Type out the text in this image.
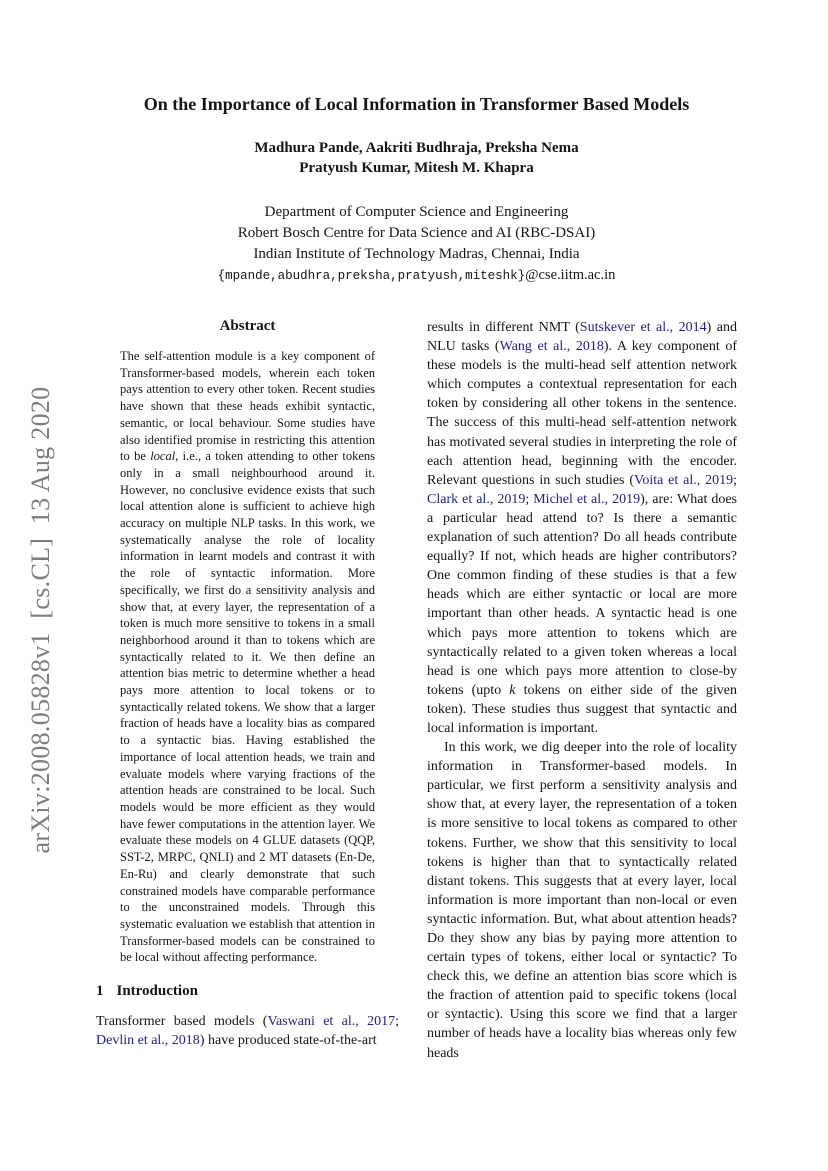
arXiv:2008.05828v1  [cs.CL]  13 Aug 2020
On the Importance of Local Information in Transformer Based Models
Madhura Pande, Aakriti Budhraja, Preksha Nema
Pratyush Kumar, Mitesh M. Khapra
Department of Computer Science and Engineering
Robert Bosch Centre for Data Science and AI (RBC-DSAI)
Indian Institute of Technology Madras, Chennai, India
{mpande,abudhra,preksha,pratyush,miteshk}@cse.iitm.ac.in
Abstract

The self-attention module is a key component of Transformer-based models, wherein each token pays attention to every other token. Recent studies have shown that these heads exhibit syntactic, semantic, or local behaviour. Some studies have also identified promise in restricting this attention to be local, i.e., a token attending to other tokens only in a small neighbourhood around it. However, no conclusive evidence exists that such local attention alone is sufficient to achieve high accuracy on multiple NLP tasks. In this work, we systematically analyse the role of locality information in learnt models and contrast it with the role of syntactic information. More specifically, we first do a sensitivity analysis and show that, at every layer, the representation of a token is much more sensitive to tokens in a small neighborhood around it than to tokens which are syntactically related to it. We then define an attention bias metric to determine whether a head pays more attention to local tokens or to syntactically related tokens. We show that a larger fraction of heads have a locality bias as compared to a syntactic bias. Having established the importance of local attention heads, we train and evaluate models where varying fractions of the attention heads are constrained to be local. Such models would be more efficient as they would have fewer computations in the attention layer. We evaluate these models on 4 GLUE datasets (QQP, SST-2, MRPC, QNLI) and 2 MT datasets (En-De, En-Ru) and clearly demonstrate that such constrained models have comparable performance to the unconstrained models. Through this systematic evaluation we establish that attention in Transformer-based models can be constrained to be local without affecting performance.

1 Introduction

Transformer based models (Vaswani et al., 2017; Devlin et al., 2018) have produced state-of-the-art

results in different NMT (Sutskever et al., 2014) and NLU tasks (Wang et al., 2018). A key component of these models is the multi-head self attention network which computes a contextual representation for each token by considering all other tokens in the sentence. The success of this multi-head self-attention network has motivated several studies in interpreting the role of each attention head, beginning with the encoder. Relevant questions in such studies (Voita et al., 2019; Clark et al., 2019; Michel et al., 2019), are: What does a particular head attend to? Is there a semantic explanation of such attention? Do all heads contribute equally? If not, which heads are higher contributors? One common finding of these studies is that a few heads which are either syntactic or local are more important than other heads. A syntactic head is one which pays more attention to tokens which are syntactically related to a given token whereas a local head is one which pays more attention to close-by tokens (upto k tokens on either side of the given token). These studies thus suggest that syntactic and local information is important.

In this work, we dig deeper into the role of locality information in Transformer-based models. In particular, we first perform a sensitivity analysis and show that, at every layer, the representation of a token is more sensitive to local tokens as compared to other tokens. Further, we show that this sensitivity to local tokens is higher than that to syntactically related distant tokens. This suggests that at every layer, local information is more important than non-local or even syntactic information. But, what about attention heads? Do they show any bias by paying more attention to certain types of tokens, either local or syntactic? To check this, we define an attention bias score which is the fraction of attention paid to specific tokens (local or syntactic). Using this score we find that a larger number of heads have a locality bias whereas only few heads
